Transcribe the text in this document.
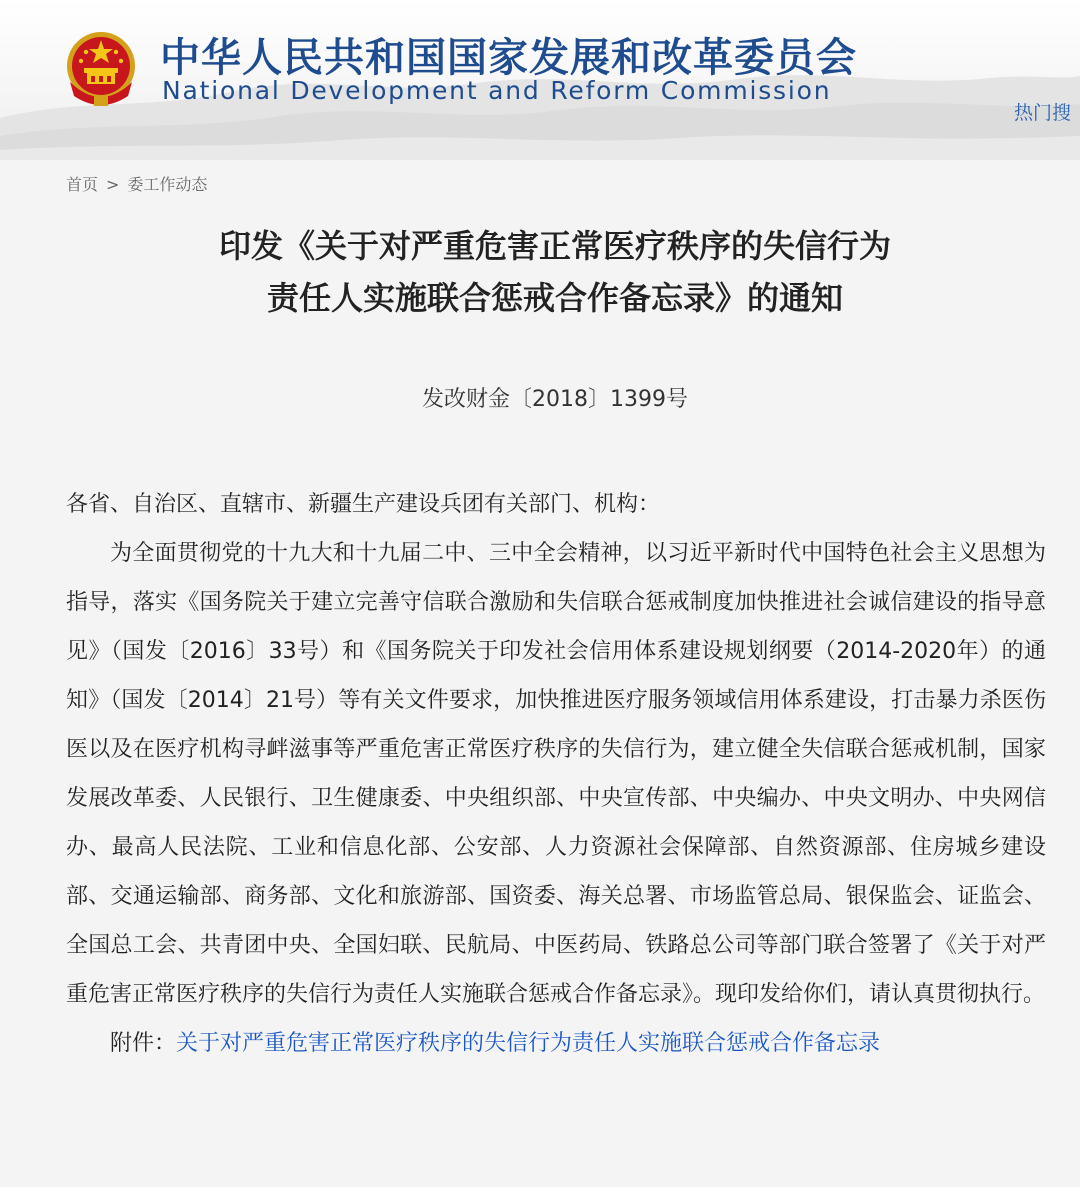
中华人民共和国国家发展和改革委员会
National Development and Reform Commission
热门搜
首页 > 委工作动态
印发《关于对严重危害正常医疗秩序的失信行为
责任人实施联合惩戒合作备忘录》的通知
发改财金〔2018〕1399号

各省、自治区、直辖市、新疆生产建设兵团有关部门、机构：

为全面贯彻党的十九大和十九届二中、三中全会精神，以习近平新时代中国特色社会主义思想为指导，落实《国务院关于建立完善守信联合激励和失信联合惩戒制度加快推进社会诚信建设的指导意见》（国发〔2016〕33号）和《国务院关于印发社会信用体系建设规划纲要（2014-2020年）的通知》（国发〔2014〕21号）等有关文件要求，加快推进医疗服务领域信用体系建设，打击暴力杀医伤医以及在医疗机构寻衅滋事等严重危害正常医疗秩序的失信行为，建立健全失信联合惩戒机制，国家发展改革委、人民银行、卫生健康委、中央组织部、中央宣传部、中央编办、中央文明办、中央网信办、最高人民法院、工业和信息化部、公安部、人力资源社会保障部、自然资源部、住房城乡建设部、交通运输部、商务部、文化和旅游部、国资委、海关总署、市场监管总局、银保监会、证监会、全国总工会、共青团中央、全国妇联、民航局、中医药局、铁路总公司等部门联合签署了《关于对严重危害正常医疗秩序的失信行为责任人实施联合惩戒合作备忘录》。现印发给你们，请认真贯彻执行。

附件：关于对严重危害正常医疗秩序的失信行为责任人实施联合惩戒合作备忘录
